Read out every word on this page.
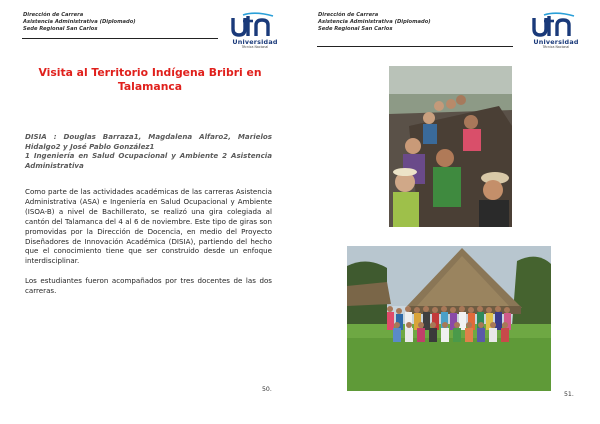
Dirección de Carrera
Asistencia Administrativa (Diplomado)
Sede Regional San Carlos
Universidad
Técnica Nacional
Visita al Territorio Indígena Bribri en Talamanca

DISIA : Douglas Barraza1, Magdalena Alfaro2, Marielos Hidalgo2 y José Pablo González1

1 Ingeniería en Salud Ocupacional y Ambiente 2 Asistencia Administrativa

Como parte de las actividades académicas de las carreras Asistencia Administrativa (ASA) e Ingeniería en Salud Ocupacional y Ambiente (ISOA-B) a nivel de Bachillerato, se realizó una gira colegiada al cantón del Talamanca del 4 al 6 de noviembre. Este tipo de giras son promovidas por la Dirección de Docencia, en medio del Proyecto Diseñadores de Innovación Académica (DISIA), partiendo del hecho que el conocimiento tiene que ser construido desde un enfoque interdisciplinar.

Los estudiantes fueron acompañados por tres docentes de las dos carreras.

50.
Dirección de Carrera
Asistencia Administrativa (Diplomado)
Sede Regional San Carlos
Universidad
Técnica Nacional
51.
